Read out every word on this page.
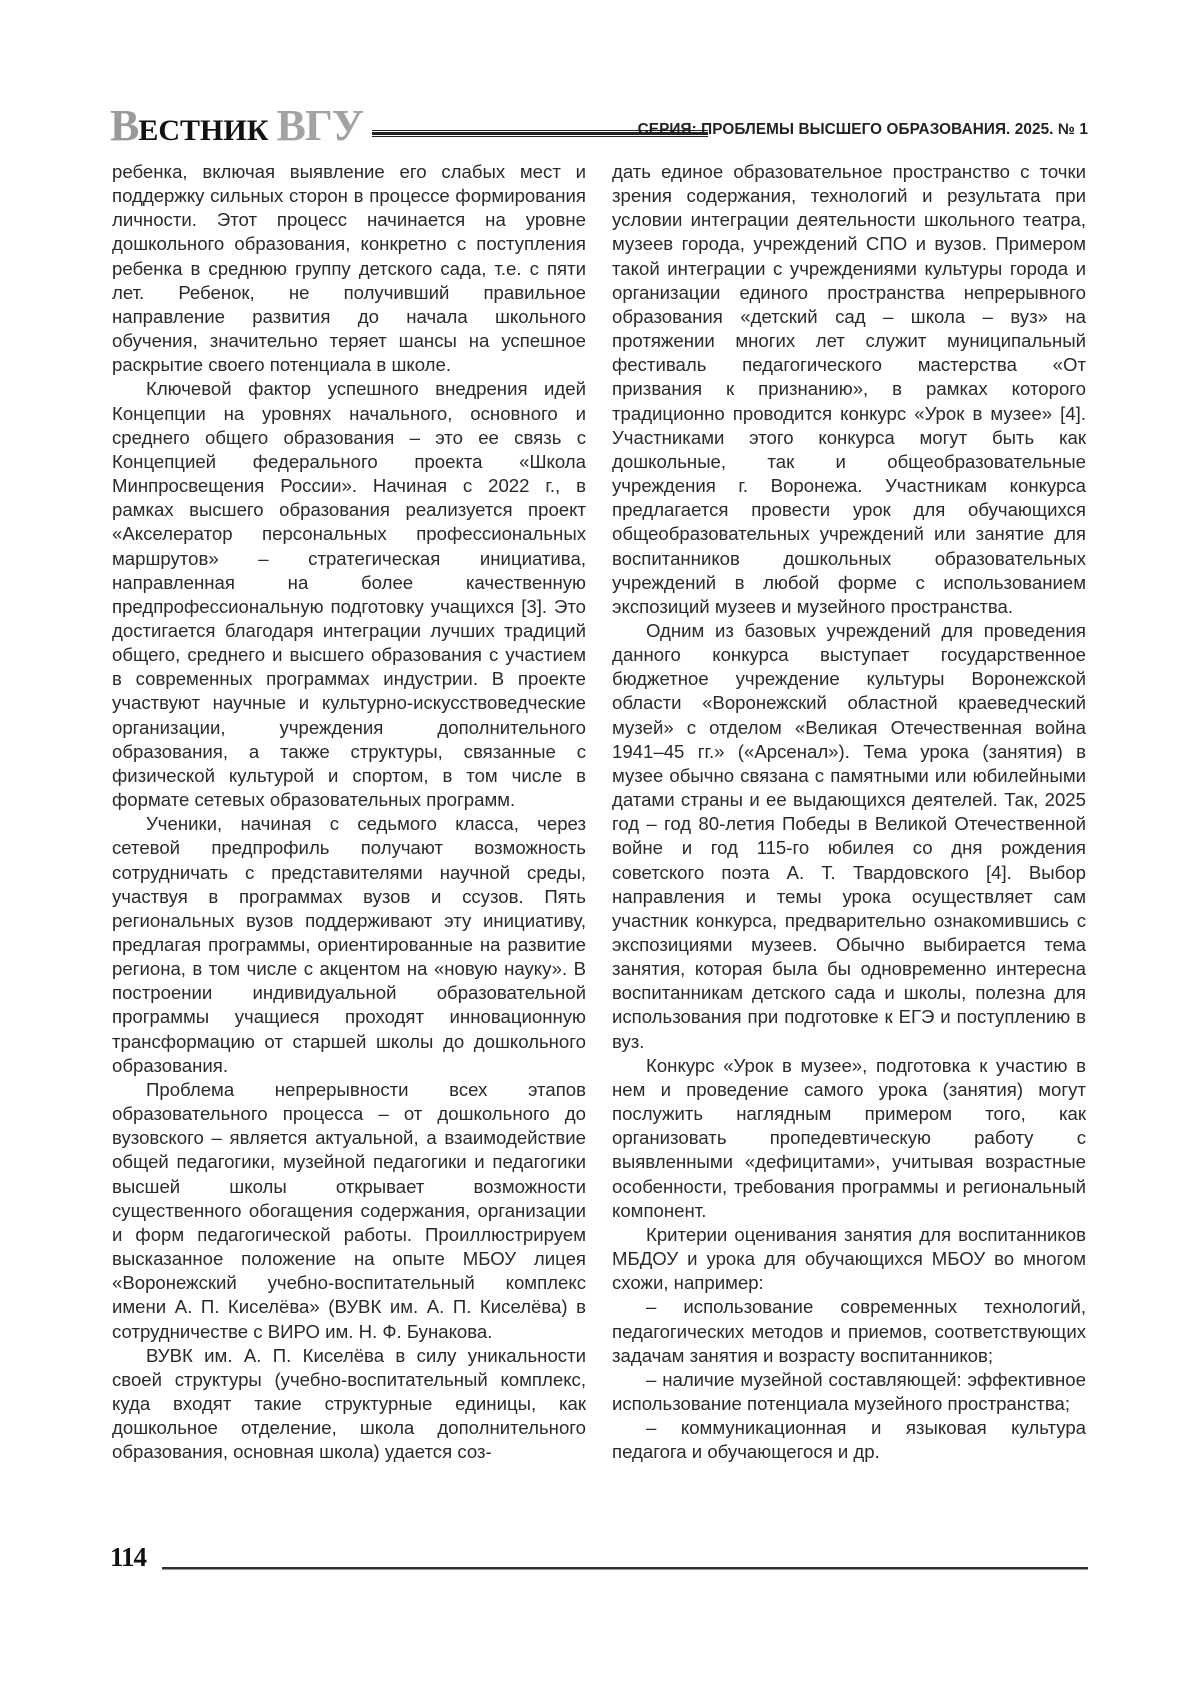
ВЕСТНИК ВГУ	СЕРИЯ: ПРОБЛЕМЫ ВЫСШЕГО ОБРАЗОВАНИЯ. 2025. № 1

ребенка, включая выявление его слабых мест и поддержку сильных сторон в процессе формирования личности. Этот процесс начинается на уровне дошкольного образования, конкретно с поступления ребенка в среднюю группу детского сада, т.е. с пяти лет. Ребенок, не получивший правильное направление развития до начала школьного обучения, значительно теряет шансы на успешное раскрытие своего потенциала в школе.

Ключевой фактор успешного внедрения идей Концепции на уровнях начального, основного и среднего общего образования – это ее связь с Концепцией федерального проекта «Школа Минпросвещения России». Начиная с 2022 г., в рамках высшего образования реализуется проект «Акселератор персональных профессиональных маршрутов» – стратегическая инициатива, направленная на более качественную предпрофессиональную подготовку учащихся [3]. Это достигается благодаря интеграции лучших традиций общего, среднего и высшего образования с участием в современных программах индустрии. В проекте участвуют научные и культурно-искусствоведческие организации, учреждения дополнительного образования, а также структуры, связанные с физической культурой и спортом, в том числе в формате сетевых образовательных программ.

Ученики, начиная с седьмого класса, через сетевой предпрофиль получают возможность сотрудничать с представителями научной среды, участвуя в программах вузов и ссузов. Пять региональных вузов поддерживают эту инициативу, предлагая программы, ориентированные на развитие региона, в том числе с акцентом на «новую науку». В построении индивидуальной образовательной программы учащиеся проходят инновационную трансформацию от старшей школы до дошкольного образования.

Проблема непрерывности всех этапов образовательного процесса – от дошкольного до вузовского – является актуальной, а взаимодействие общей педагогики, музейной педагогики и педагогики высшей школы открывает возможности существенного обогащения содержания, организации и форм педагогической работы. Проиллюстрируем высказанное положение на опыте МБОУ лицея «Воронежский учебно-воспитательный комплекс имени А. П. Киселёва» (ВУВК им. А. П. Киселёва) в сотрудничестве с ВИРО им. Н. Ф. Бунакова.

ВУВК им. А. П. Киселёва в силу уникальности своей структуры (учебно-воспитательный комплекс, куда входят такие структурные единицы, как дошкольное отделение, школа дополнительного образования, основная школа) удается соз-

дать единое образовательное пространство с точки зрения содержания, технологий и результата при условии интеграции деятельности школьного театра, музеев города, учреждений СПО и вузов. Примером такой интеграции с учреждениями культуры города и организации единого пространства непрерывного образования «детский сад – школа – вуз» на протяжении многих лет служит муниципальный фестиваль педагогического мастерства «От призвания к признанию», в рамках которого традиционно проводится конкурс «Урок в музее» [4]. Участниками этого конкурса могут быть как дошкольные, так и общеобразовательные учреждения г. Воронежа. Участникам конкурса предлагается провести урок для обучающихся общеобразовательных учреждений или занятие для воспитанников дошкольных образовательных учреждений в любой форме с использованием экспозиций музеев и музейного пространства.

Одним из базовых учреждений для проведения данного конкурса выступает государственное бюджетное учреждение культуры Воронежской области «Воронежский областной краеведческий музей» с отделом «Великая Отечественная война 1941–45 гг.» («Арсенал»). Тема урока (занятия) в музее обычно связана с памятными или юбилейными датами страны и ее выдающихся деятелей. Так, 2025 год – год 80-летия Победы в Великой Отечественной войне и год 115-го юбилея со дня рождения советского поэта А. Т. Твардовского [4]. Выбор направления и темы урока осуществляет сам участник конкурса, предварительно ознакомившись с экспозициями музеев. Обычно выбирается тема занятия, которая была бы одновременно интересна воспитанникам детского сада и школы, полезна для использования при подготовке к ЕГЭ и поступлению в вуз.

Конкурс «Урок в музее», подготовка к участию в нем и проведение самого урока (занятия) могут послужить наглядным примером того, как организовать пропедевтическую работу с выявленными «дефицитами», учитывая возрастные особенности, требования программы и региональный компонент.

Критерии оценивания занятия для воспитанников МБДОУ и урока для обучающихся МБОУ во многом схожи, например:

– использование современных технологий, педагогических методов и приемов, соответствующих задачам занятия и возрасту воспитанников;

– наличие музейной составляющей: эффективное использование потенциала музейного пространства;

– коммуникационная и языковая культура педагога и обучающегося и др.

114
